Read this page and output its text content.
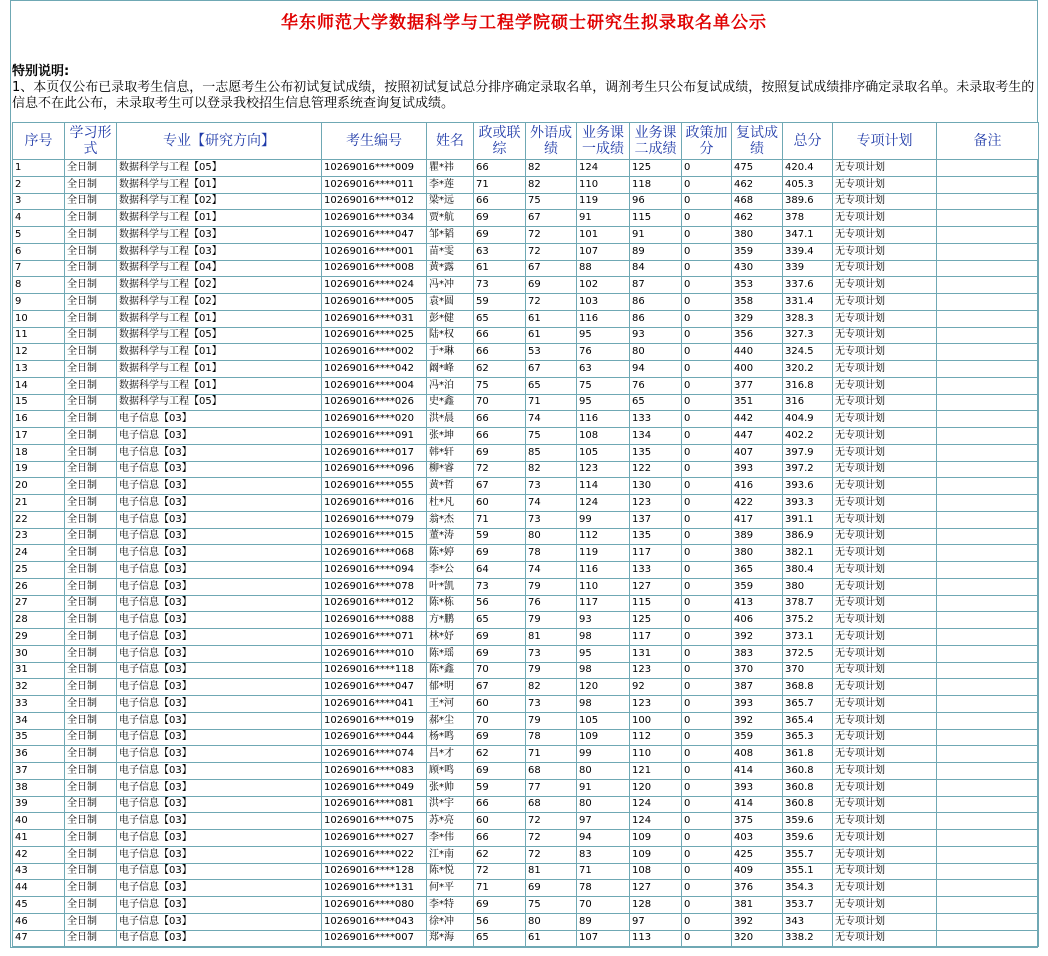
华东师范大学数据科学与工程学院硕士研究生拟录取名单公示
特别说明:
1、本页仅公布已录取考生信息，一志愿考生公布初试复试成绩，按照初试复试总分排序确定录取名单，调剂考生只公布复试成绩，按照复试成绩排序确定录取名单。未录取考生的信息不在此公布，未录取考生可以登录我校招生信息管理系统查询复试成绩。
序号	学习形式	专业【研究方向】	考生编号	姓名	政或联综	外语成绩	业务课一成绩	业务课二成绩	政策加分	复试成绩	总分	专项计划	备注
1	全日制	数据科学与工程【05】	10269016****009	瞿*祎	66	82	124	125	0	475	420.4	无专项计划	
2	全日制	数据科学与工程【01】	10269016****011	李*莲	71	82	110	118	0	462	405.3	无专项计划	
3	全日制	数据科学与工程【02】	10269016****012	梁*远	66	75	119	96	0	468	389.6	无专项计划	
4	全日制	数据科学与工程【01】	10269016****034	贾*航	69	67	91	115	0	462	378	无专项计划	
5	全日制	数据科学与工程【03】	10269016****047	邹*韬	69	72	101	91	0	380	347.1	无专项计划	
6	全日制	数据科学与工程【03】	10269016****001	苗*雯	63	72	107	89	0	359	339.4	无专项计划	
7	全日制	数据科学与工程【04】	10269016****008	黄*露	61	67	88	84	0	430	339	无专项计划	
8	全日制	数据科学与工程【02】	10269016****024	冯*冲	73	69	102	87	0	353	337.6	无专项计划	
9	全日制	数据科学与工程【02】	10269016****005	袁*圆	59	72	103	86	0	358	331.4	无专项计划	
10	全日制	数据科学与工程【01】	10269016****031	彭*健	65	61	116	86	0	329	328.3	无专项计划	
11	全日制	数据科学与工程【05】	10269016****025	陆*权	66	61	95	93	0	356	327.3	无专项计划	
12	全日制	数据科学与工程【01】	10269016****002	于*琳	66	53	76	80	0	440	324.5	无专项计划	
13	全日制	数据科学与工程【01】	10269016****042	阚*峰	62	67	63	94	0	400	320.2	无专项计划	
14	全日制	数据科学与工程【01】	10269016****004	冯*泊	75	65	75	76	0	377	316.8	无专项计划	
15	全日制	数据科学与工程【05】	10269016****026	史*鑫	70	71	95	65	0	351	316	无专项计划	
16	全日制	电子信息【03】	10269016****020	洪*晨	66	74	116	133	0	442	404.9	无专项计划	
17	全日制	电子信息【03】	10269016****091	张*坤	66	75	108	134	0	447	402.2	无专项计划	
18	全日制	电子信息【03】	10269016****017	韩*轩	69	85	105	135	0	407	397.9	无专项计划	
19	全日制	电子信息【03】	10269016****096	柳*睿	72	82	123	122	0	393	397.2	无专项计划	
20	全日制	电子信息【03】	10269016****055	黄*哲	67	73	114	130	0	416	393.6	无专项计划	
21	全日制	电子信息【03】	10269016****016	杜*凡	60	74	124	123	0	422	393.3	无专项计划	
22	全日制	电子信息【03】	10269016****079	翁*杰	71	73	99	137	0	417	391.1	无专项计划	
23	全日制	电子信息【03】	10269016****015	董*涛	59	80	112	135	0	389	386.9	无专项计划	
24	全日制	电子信息【03】	10269016****068	陈*婷	69	78	119	117	0	380	382.1	无专项计划	
25	全日制	电子信息【03】	10269016****094	李*公	64	74	116	133	0	365	380.4	无专项计划	
26	全日制	电子信息【03】	10269016****078	叶*凯	73	79	110	127	0	359	380	无专项计划	
27	全日制	电子信息【03】	10269016****012	陈*栋	56	76	117	115	0	413	378.7	无专项计划	
28	全日制	电子信息【03】	10269016****088	方*鹏	65	79	93	125	0	406	375.2	无专项计划	
29	全日制	电子信息【03】	10269016****071	林*妤	69	81	98	117	0	392	373.1	无专项计划	
30	全日制	电子信息【03】	10269016****010	陈*瑶	69	73	95	131	0	383	372.5	无专项计划	
31	全日制	电子信息【03】	10269016****118	陈*鑫	70	79	98	123	0	370	370	无专项计划	
32	全日制	电子信息【03】	10269016****047	郁*明	67	82	120	92	0	387	368.8	无专项计划	
33	全日制	电子信息【03】	10269016****041	王*河	60	73	98	123	0	393	365.7	无专项计划	
34	全日制	电子信息【03】	10269016****019	郝*尘	70	79	105	100	0	392	365.4	无专项计划	
35	全日制	电子信息【03】	10269016****044	杨*鸣	69	78	109	112	0	359	365.3	无专项计划	
36	全日制	电子信息【03】	10269016****074	吕*才	62	71	99	110	0	408	361.8	无专项计划	
37	全日制	电子信息【03】	10269016****083	顾*鸣	69	68	80	121	0	414	360.8	无专项计划	
38	全日制	电子信息【03】	10269016****049	张*帅	59	77	91	120	0	393	360.8	无专项计划	
39	全日制	电子信息【03】	10269016****081	洪*宇	66	68	80	124	0	414	360.8	无专项计划	
40	全日制	电子信息【03】	10269016****075	苏*亮	60	72	97	124	0	375	359.6	无专项计划	
41	全日制	电子信息【03】	10269016****027	李*伟	66	72	94	109	0	403	359.6	无专项计划	
42	全日制	电子信息【03】	10269016****022	江*南	62	72	83	109	0	425	355.7	无专项计划	
43	全日制	电子信息【03】	10269016****128	陈*悦	72	81	71	108	0	409	355.1	无专项计划	
44	全日制	电子信息【03】	10269016****131	何*平	71	69	78	127	0	376	354.3	无专项计划	
45	全日制	电子信息【03】	10269016****080	李*特	69	75	70	128	0	381	353.7	无专项计划	
46	全日制	电子信息【03】	10269016****043	徐*冲	56	80	89	97	0	392	343	无专项计划	
47	全日制	电子信息【03】	10269016****007	郑*海	65	61	107	113	0	320	338.2	无专项计划	
